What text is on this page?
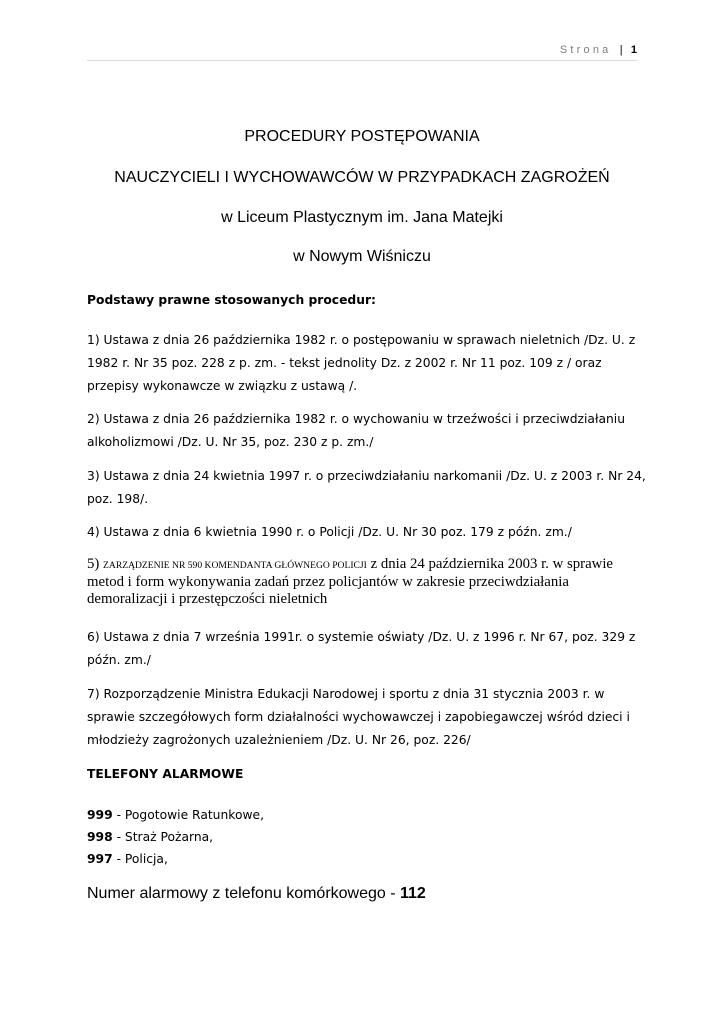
Strona | 1
PROCEDURY POSTĘPOWANIA
NAUCZYCIELI I WYCHOWAWCÓW W PRZYPADKACH ZAGROŻEŃ
w Liceum Plastycznym im. Jana Matejki
w Nowym Wiśniczu
Podstawy prawne stosowanych procedur:
1) Ustawa z dnia 26 października 1982 r. o postępowaniu w sprawach nieletnich /Dz. U. z 1982 r. Nr 35 poz. 228 z p. zm. - tekst jednolity Dz. z 2002 r. Nr 11 poz. 109 z / oraz przepisy wykonawcze w związku z ustawą /.
2) Ustawa z dnia 26 października 1982 r. o wychowaniu w trzeźwości i przeciwdziałaniu alkoholizmowi /Dz. U. Nr 35, poz. 230 z p. zm./
3) Ustawa z dnia 24 kwietnia 1997 r. o przeciwdziałaniu narkomanii /Dz. U. z 2003 r. Nr 24, poz. 198/.
4) Ustawa z dnia 6 kwietnia 1990 r. o Policji /Dz. U. Nr 30 poz. 179 z późn. zm./
5) ZARZĄDZENIE NR 590 KOMENDANTA GŁÓWNEGO POLICJI z dnia 24 października 2003 r. w sprawie metod i form wykonywania zadań przez policjantów w zakresie przeciwdziałania demoralizacji i przestępczości nieletnich
6) Ustawa z dnia 7 września 1991r. o systemie oświaty /Dz. U. z 1996 r. Nr 67, poz. 329 z późn. zm./
7) Rozporządzenie Ministra Edukacji Narodowej i sportu z dnia 31 stycznia 2003 r. w sprawie szczegółowych form działalności wychowawczej i zapobiegawczej wśród dzieci i młodzieży zagrożonych uzależnieniem /Dz. U. Nr 26, poz. 226/
TELEFONY ALARMOWE
999 - Pogotowie Ratunkowe,
998 - Straż Pożarna,
997 - Policja,
Numer alarmowy z telefonu komórkowego - 112
